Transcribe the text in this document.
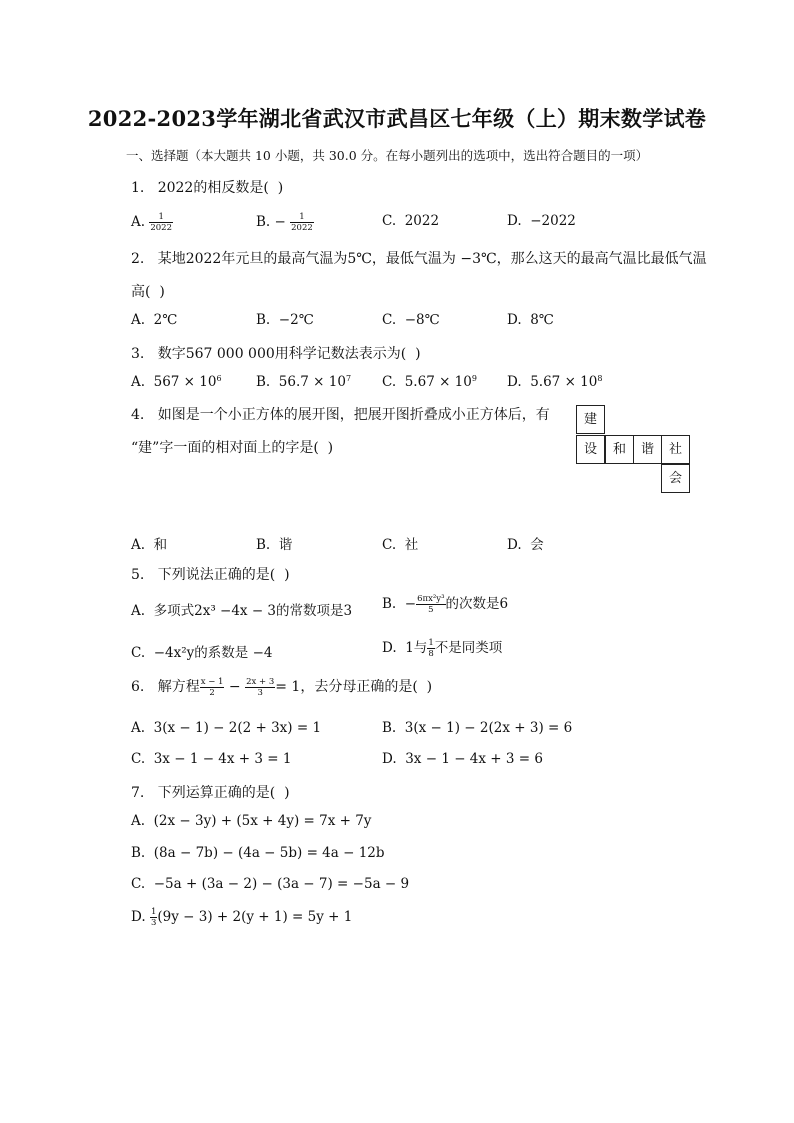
2022-2023学年湖北省武汉市武昌区七年级（上）期末数学试卷
一、选择题（本大题共 10 小题，共 30.0 分。在每小题列出的选项中，选出符合题目的一项）
1.   2022的相反数是(  )
A. $\frac{1}{2022}$	B. − $\frac{1}{2022}$	C.  2022	D.  −2022
2.   某地2022年元旦的最高气温为5℃，最低气温为 −3℃，那么这天的最高气温比最低气温
高(  )
A.  2℃	B.  −2℃	C.  −8℃	D.  8℃
3.   数字567 000 000用科学记数法表示为(  )
A.  $567 \times 10^6$	B.  $56.7 \times 10^7$ C.  $5.67 \times 10^9$ D.  $5.67 \times 10^8$
4.   如图是一个小正方体的展开图，把展开图折叠成小正方体后，有
“建”字一面的相对面上的字是(  )
建
设	和	谐	社
会
A.  和	B.  谐	C.  社	D.  会
5.   下列说法正确的是(  )
A.  多项式2x³ −4x − 3的常数项是3 B.  − $\frac{\text{6πx²y³}}{5}$ 的次数是6
C.  −4x²y的系数是 −4	D.  1与 $\frac{1}{8}$ 不是同类项
6.   解方程 $\frac{x - 1}{2} - \frac{2x + 3}{3} = 1$，去分母正确的是(  )
A.  3(x − 1) − 2(2 + 3x) = 1	B.  3(x − 1) − 2(2x + 3) = 6
C.  3x − 1 − 4x + 3 = 1	D.  3x − 1 − 4x + 3 = 6
7.   下列运算正确的是(  )
A.  (2x − 3y) + (5x + 4y) = 7x + 7y
B.  (8a − 7b) − (4a − 5b) = 4a − 12b
C.  −5a + (3a − 2) − (3a − 7) = −5a − 9
D. $\frac{1}{3} (9y - 3) + 2(y + 1) = 5y + 1$
